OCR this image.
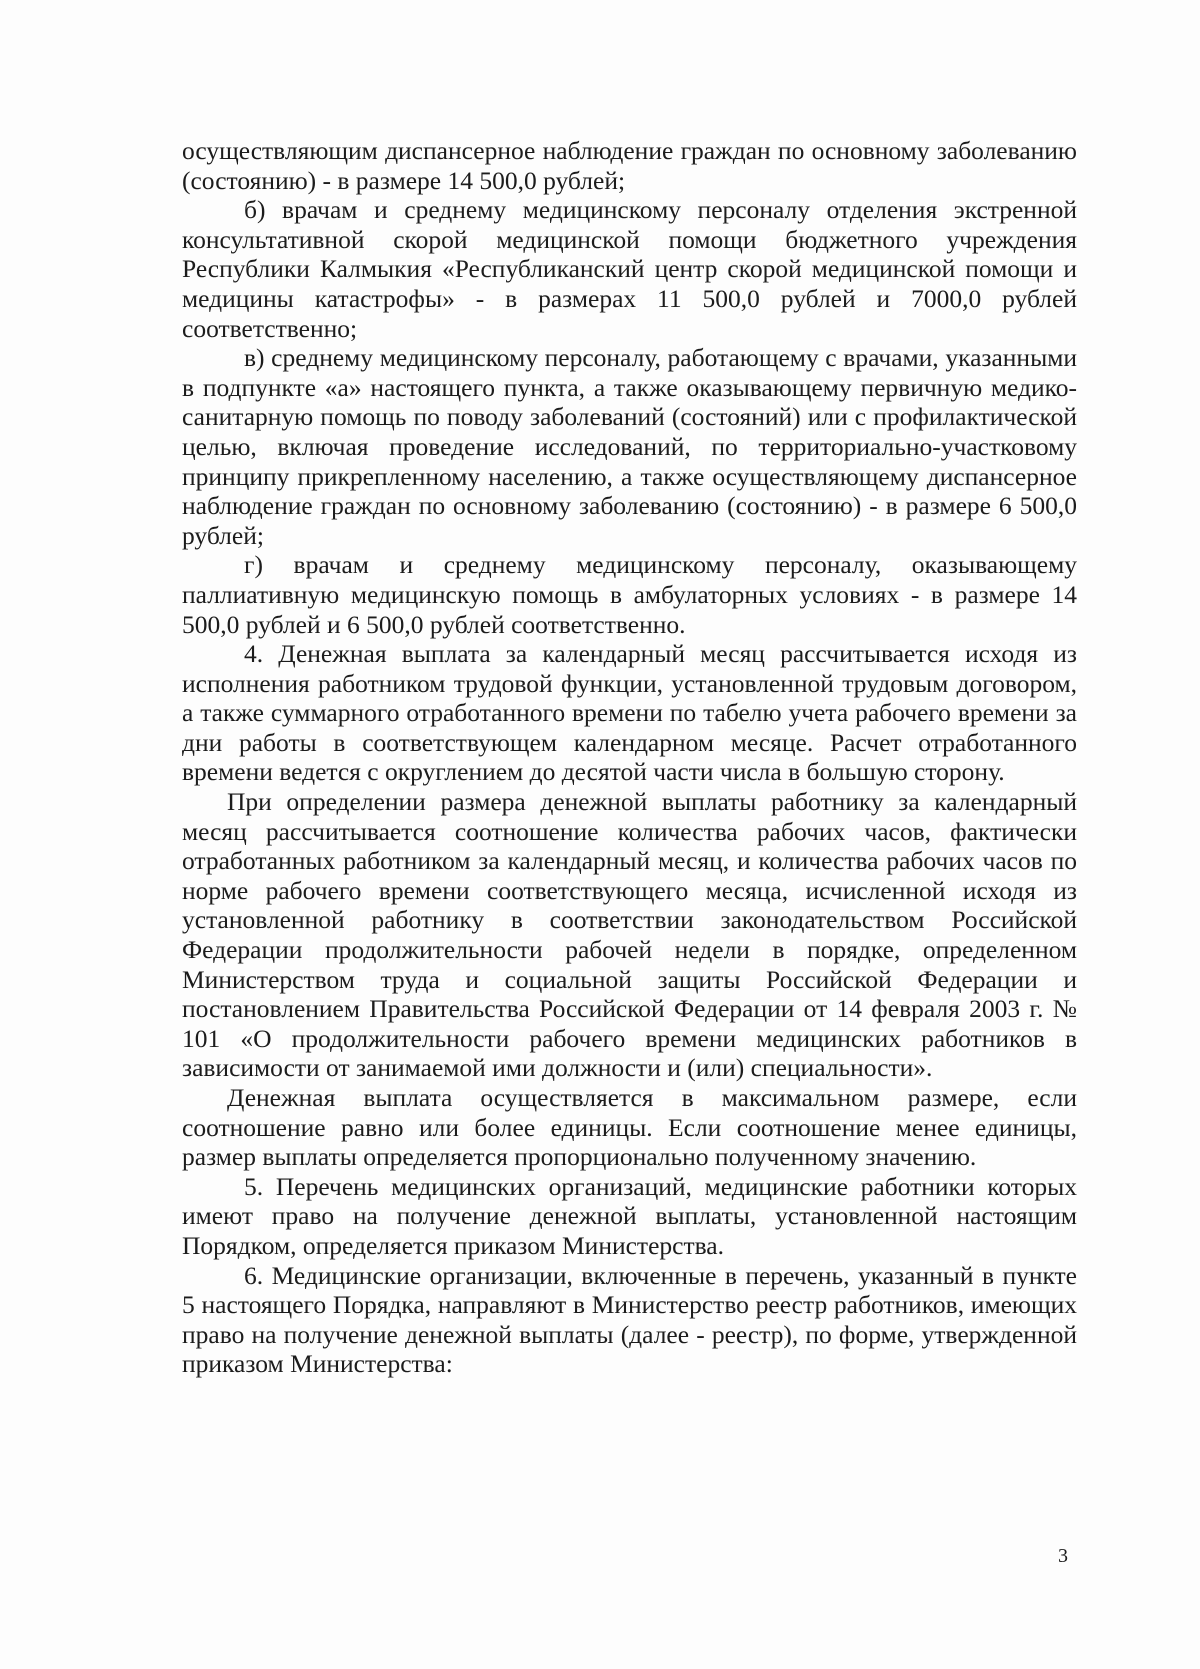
осуществляющим диспансерное наблюдение граждан по основному заболеванию (состоянию) - в размере 14 500,0 рублей;

б) врачам и среднему медицинскому персоналу отделения экстренной консультативной скорой медицинской помощи бюджетного учреждения Республики Калмыкия «Республиканский центр скорой медицинской помощи и медицины катастрофы» - в размерах 11 500,0 рублей и 7000,0 рублей соответственно;

в) среднему медицинскому персоналу, работающему с врачами, указанными в подпункте «а» настоящего пункта, а также оказывающему первичную медико-санитарную помощь по поводу заболеваний (состояний) или с профилактической целью, включая проведение исследований, по территориально-участковому принципу прикрепленному населению, а также осуществляющему диспансерное наблюдение граждан по основному заболеванию (состоянию) - в размере 6 500,0 рублей;

г) врачам и среднему медицинскому персоналу, оказывающему паллиативную медицинскую помощь в амбулаторных условиях - в размере 14 500,0 рублей и 6 500,0 рублей соответственно.

4. Денежная выплата за календарный месяц рассчитывается исходя из исполнения работником трудовой функции, установленной трудовым договором, а также суммарного отработанного времени по табелю учета рабочего времени за дни работы в соответствующем календарном месяце. Расчет отработанного времени ведется с округлением до десятой части числа в большую сторону.

При определении размера денежной выплаты работнику за календарный месяц рассчитывается соотношение количества рабочих часов, фактически отработанных работником за календарный месяц, и количества рабочих часов по норме рабочего времени соответствующего месяца, исчисленной исходя из установленной работнику в соответствии законодательством Российской Федерации продолжительности рабочей недели в порядке, определенном Министерством труда и социальной защиты Российской Федерации и постановлением Правительства Российской Федерации от 14 февраля 2003 г. № 101 «О продолжительности рабочего времени медицинских работников в зависимости от занимаемой ими должности и (или) специальности».

Денежная выплата осуществляется в максимальном размере, если соотношение равно или более единицы. Если соотношение менее единицы, размер выплаты определяется пропорционально полученному значению.

5. Перечень медицинских организаций, медицинские работники которых имеют право на получение денежной выплаты, установленной настоящим Порядком, определяется приказом Министерства.

6. Медицинские организации, включенные в перечень, указанный в пункте 5 настоящего Порядка, направляют в Министерство реестр работников, имеющих право на получение денежной выплаты (далее - реестр), по форме, утвержденной приказом Министерства:

3
